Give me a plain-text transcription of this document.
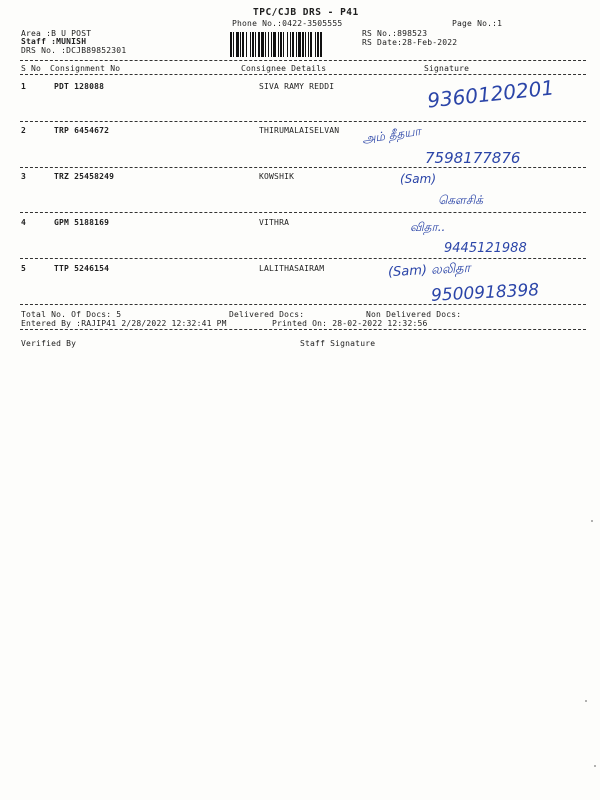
TPC/CJB DRS - P41
Phone No.:0422-3505555	Page No.:1
Area :B U POST
Staff :MUNISH
DRS No. :DCJB89852301
RS No.:898523
RS Date:28-Feb-2022
S No Consignment No	Consignee Details	Signature
1	PDT 128088	SIVA RAMY REDDI	9360120201
2	TRP 6454672	THIRUMALAISELVAN அம் தீதயா
7598177876
3	TRZ 25458249	KOWSHIK	(Sam)
கௌசிக்
4	GPM 5188169	VITHRA	விதா..
9445121988
5	TTP 5246154	LALITHASAIRAM	(Sam) லலிதா
9500918398
Total No. Of Docs: 5	Delivered Docs:	Non Delivered Docs:
Entered By :RAJIP41 2/28/2022 12:32:41 PM	Printed On: 28-02-2022 12:32:56
Verified By	Staff Signature
